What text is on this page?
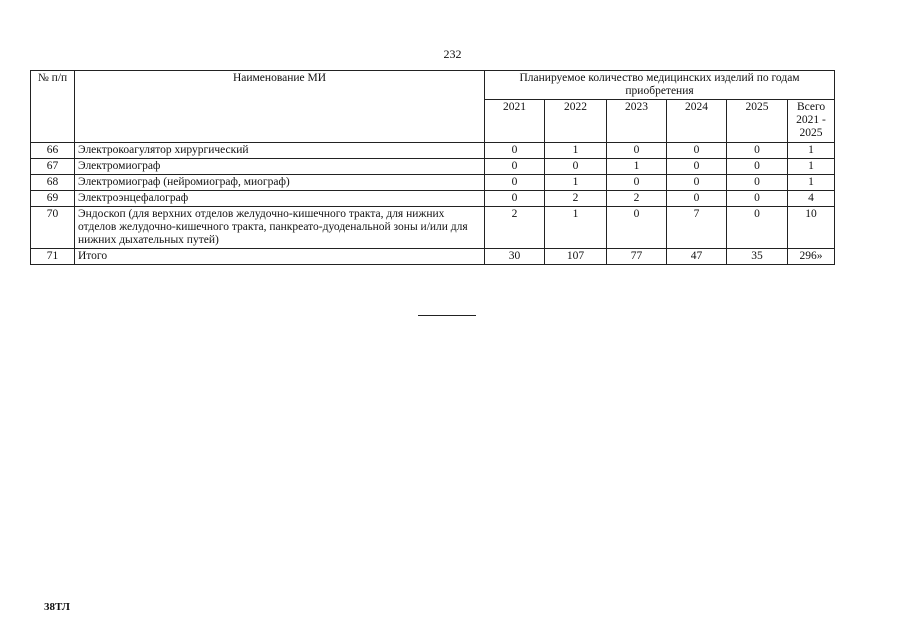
232
№ п/п	Наименование МИ	Планируемое количество медицинских изделий по годам приобретения					
		2021	2022	2023	2024	2025	Всего 2021 - 2025
66	Электрокоагулятор хирургический	0	1	0	0	0	1
67	Электромиограф	0	0	1	0	0	1
68	Электромиограф (нейромиограф, миограф)	0	1	0	0	0	1
69	Электроэнцефалограф	0	2	2	0	0	4
70	Эндоскоп (для верхних отделов желудочно-кишечного тракта, для нижних отделов желудочно-кишечного тракта, панкреато-дуоденальной зоны и/или для нижних дыхательных путей)	2	1	0	7	0	10
71	Итого	30	107	77	47	35	296»
38ТЛ
